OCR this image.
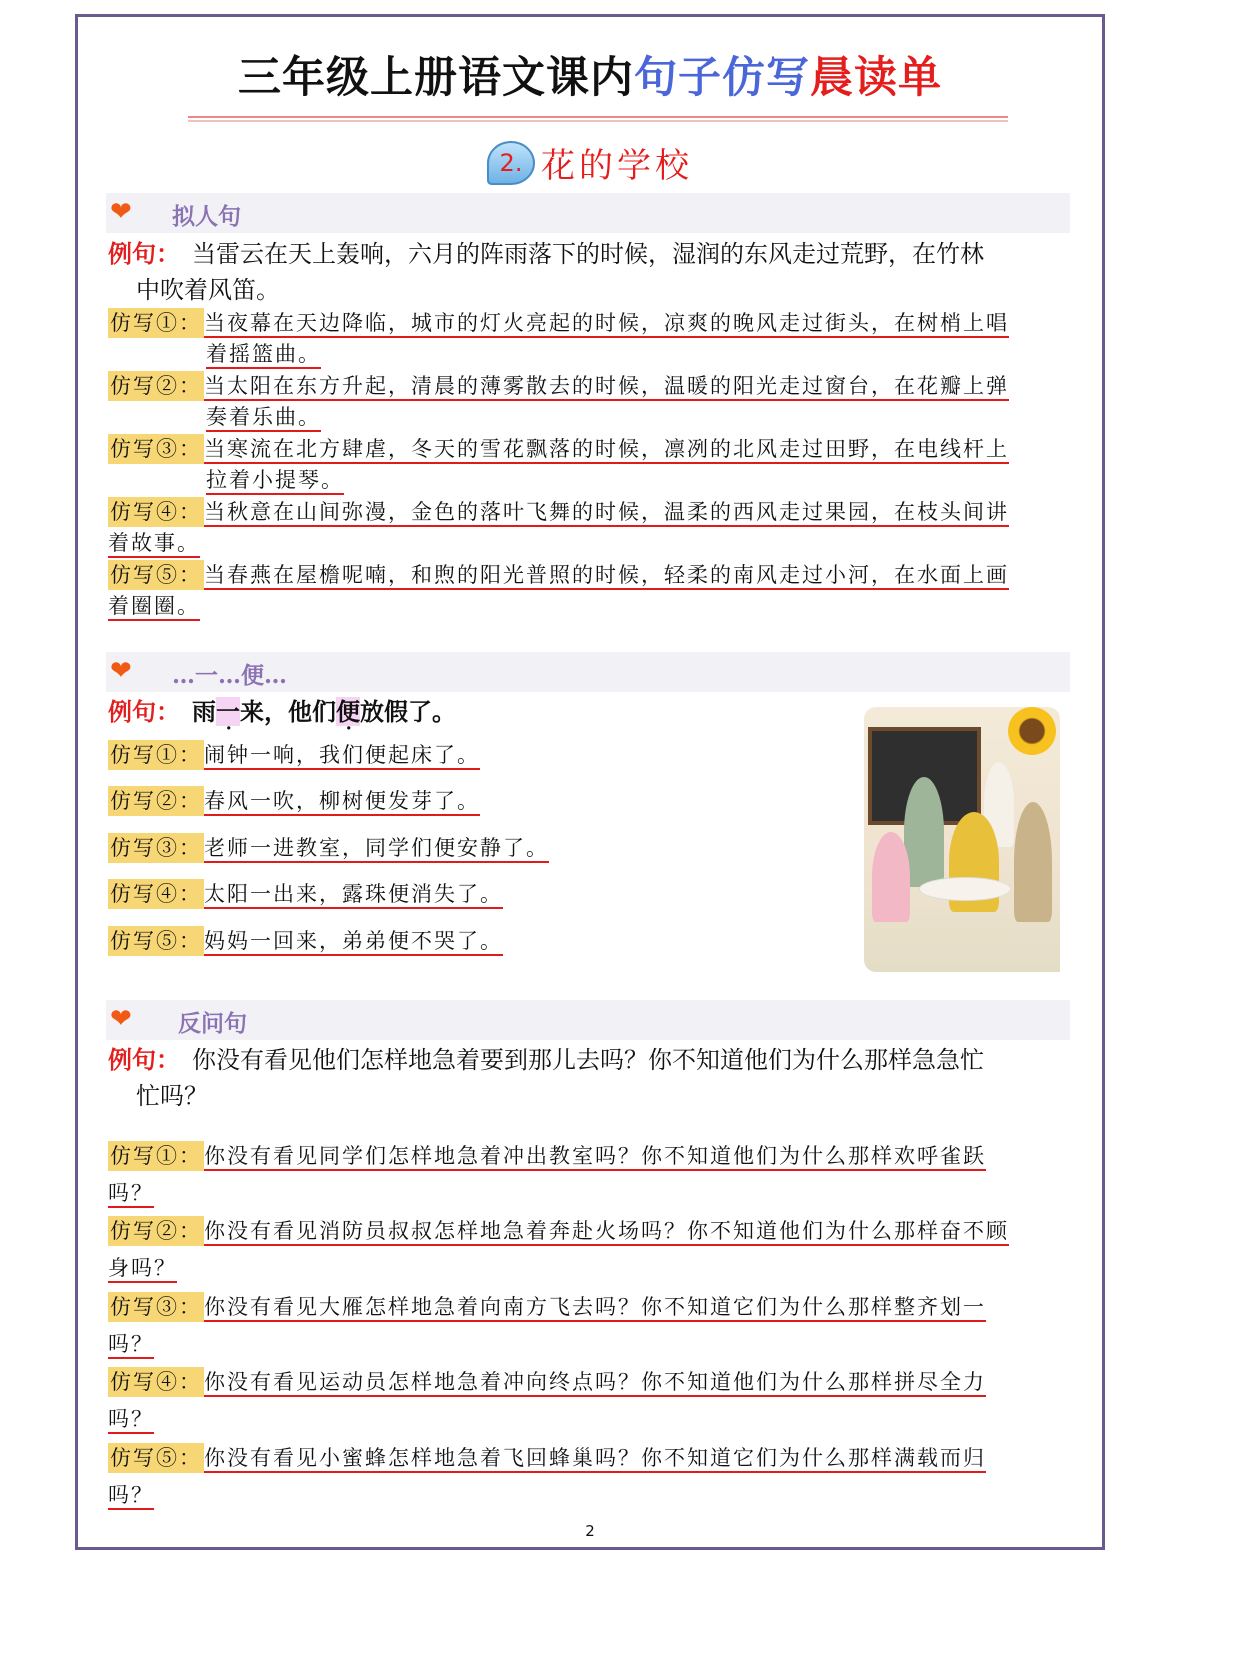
三年级上册语文课内句子仿写晨读单
2. 花的学校
❤ 拟人句
例句： 当雷云在天上轰响，六月的阵雨落下的时候，湿润的东风走过荒野，在竹林
中吹着风笛。
仿写①：当夜幕在天边降临，城市的灯火亮起的时候，凉爽的晚风走过街头，在树梢上唱
着摇篮曲。
仿写②：当太阳在东方升起，清晨的薄雾散去的时候，温暖的阳光走过窗台，在花瓣上弹
奏着乐曲。
仿写③：当寒流在北方肆虐，冬天的雪花飘落的时候，凛冽的北风走过田野，在电线杆上
拉着小提琴。
仿写④：当秋意在山间弥漫，金色的落叶飞舞的时候，温柔的西风走过果园，在枝头间讲
着故事。
仿写⑤：当春燕在屋檐呢喃，和煦的阳光普照的时候，轻柔的南风走过小河，在水面上画
着圈圈。
❤ …一…便…
例句： 雨一来，他们便放假了。
仿写①：闹钟一响，我们便起床了。
仿写②：春风一吹，柳树便发芽了。
仿写③：老师一进教室，同学们便安静了。
仿写④：太阳一出来，露珠便消失了。
仿写⑤：妈妈一回来，弟弟便不哭了。
❤ 反问句
例句： 你没有看见他们怎样地急着要到那儿去吗？你不知道他们为什么那样急急忙
忙吗？
仿写①：你没有看见同学们怎样地急着冲出教室吗？你不知道他们为什么那样欢呼雀跃
吗？
仿写②：你没有看见消防员叔叔怎样地急着奔赴火场吗？你不知道他们为什么那样奋不顾
身吗？
仿写③：你没有看见大雁怎样地急着向南方飞去吗？你不知道它们为什么那样整齐划一
吗？
仿写④：你没有看见运动员怎样地急着冲向终点吗？你不知道他们为什么那样拼尽全力
吗？
仿写⑤：你没有看见小蜜蜂怎样地急着飞回蜂巢吗？你不知道它们为什么那样满载而归
吗？
2
